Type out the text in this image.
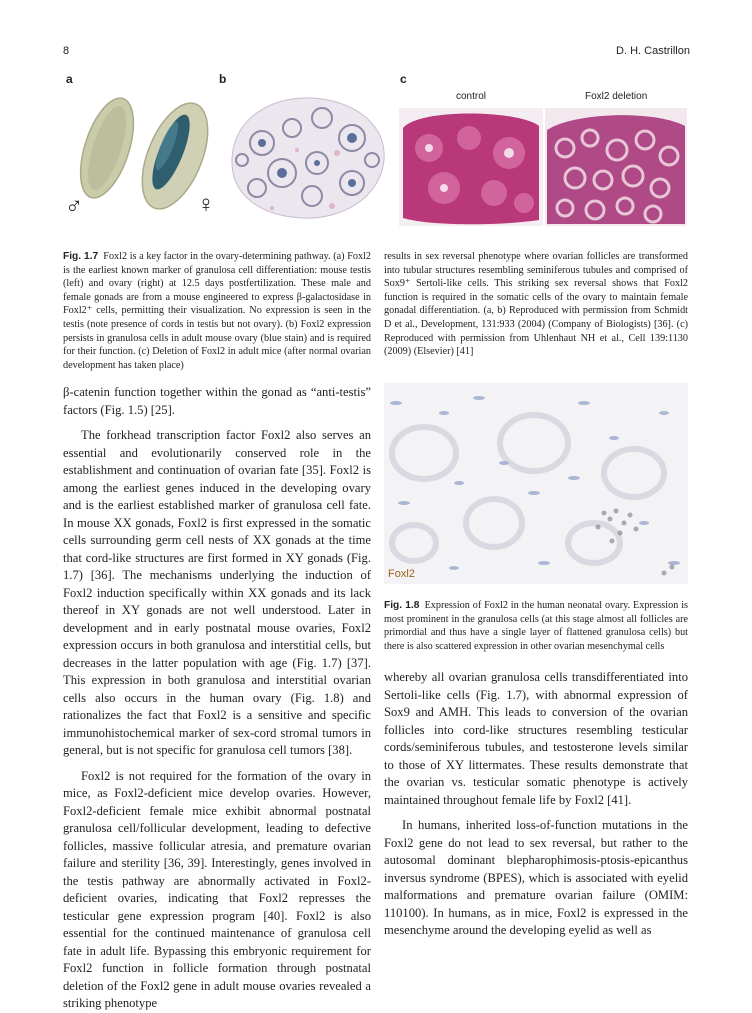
8	D. H. Castrillon
a	b	c
control	Foxl2 deletion
♂	♀
Fig. 1.7  Foxl2 is a key factor in the ovary-determining pathway. (a) Foxl2 is the earliest known marker of granulosa cell differentiation: mouse testis (left) and ovary (right) at 12.5 days postfertilization. These male and female gonads are from a mouse engineered to express β-galactosidase in Foxl2⁺ cells, permitting their visualization. No expression is seen in the testis (note presence of cords in testis but not ovary). (b) Foxl2 expression persists in granulosa cells in adult mouse ovary (blue stain) and is required for their function. (c) Deletion of Foxl2 in adult mice (after normal ovarian development has taken place)
results in sex reversal phenotype where ovarian follicles are transformed into tubular structures resembling seminiferous tubules and comprised of Sox9⁺ Sertoli-like cells. This striking sex reversal shows that Foxl2 function is required in the somatic cells of the ovary to maintain female gonadal differentiation. (a, b) Reproduced with permission from Schmidt D et al., Development, 131:933 (2004) (Company of Biologists) [36]. (c) Reproduced with permission from Uhlenhaut NH et al., Cell 139:1130 (2009) (Elsevier) [41]
Foxl2
Fig. 1.8  Expression of Foxl2 in the human neonatal ovary. Expression is most prominent in the granulosa cells (at this stage almost all follicles are primordial and thus have a single layer of flattened granulosa cells) but there is also scattered expression in other ovarian mesenchymal cells

β-catenin function together within the gonad as “anti-testis” factors (Fig. 1.5) [25].

The forkhead transcription factor Foxl2 also serves an essential and evolutionarily conserved role in the establishment and continuation of ovarian fate [35]. Foxl2 is among the earliest genes induced in the developing ovary and is the earliest established marker of granulosa cell fate. In mouse XX gonads, Foxl2 is first expressed in the somatic cells surrounding germ cell nests of XX gonads at the time that cord-like structures are first formed in XY gonads (Fig. 1.7) [36]. The mechanisms underlying the induction of Foxl2 induction specifically within XX gonads and its lack thereof in XY gonads are not well understood. Later in development and in early postnatal mouse ovaries, Foxl2 expression occurs in both granulosa and interstitial cells, but decreases in the latter population with age (Fig. 1.7) [37]. This expression in both granulosa and interstitial ovarian cells also occurs in the human ovary (Fig. 1.8) and rationalizes the fact that Foxl2 is a sensitive and specific immunohistochemical marker of sex-cord stromal tumors in general, but is not specific for granulosa cell tumors [38].

Foxl2 is not required for the formation of the ovary in mice, as Foxl2-deficient mice develop ovaries. However, Foxl2-deficient female mice exhibit abnormal postnatal granulosa cell/follicular development, leading to defective follicles, massive follicular atresia, and premature ovarian failure and sterility [36, 39]. Interestingly, genes involved in the testis pathway are abnormally activated in Foxl2-deficient ovaries, indicating that Foxl2 represses the testicular gene expression program [40]. Foxl2 is also essential for the continued maintenance of granulosa cell fate in adult life. Bypassing this embryonic requirement for Foxl2 function in follicle formation through postnatal deletion of the Foxl2 gene in adult mouse ovaries revealed a striking phenotype

whereby all ovarian granulosa cells transdifferentiated into Sertoli-like cells (Fig. 1.7), with abnormal expression of Sox9 and AMH. This leads to conversion of the ovarian follicles into cord-like structures resembling testicular cords/seminiferous tubules, and testosterone levels similar to those of XY littermates. These results demonstrate that the ovarian vs. testicular somatic phenotype is actively maintained throughout female life by Foxl2 [41].

In humans, inherited loss-of-function mutations in the Foxl2 gene do not lead to sex reversal, but rather to the autosomal dominant blepharophimosis-ptosis-epicanthus inversus syndrome (BPES), which is associated with eyelid malformations and premature ovarian failure (OMIM: 110100). In humans, as in mice, Foxl2 is expressed in the mesenchyme around the developing eyelid as well as
